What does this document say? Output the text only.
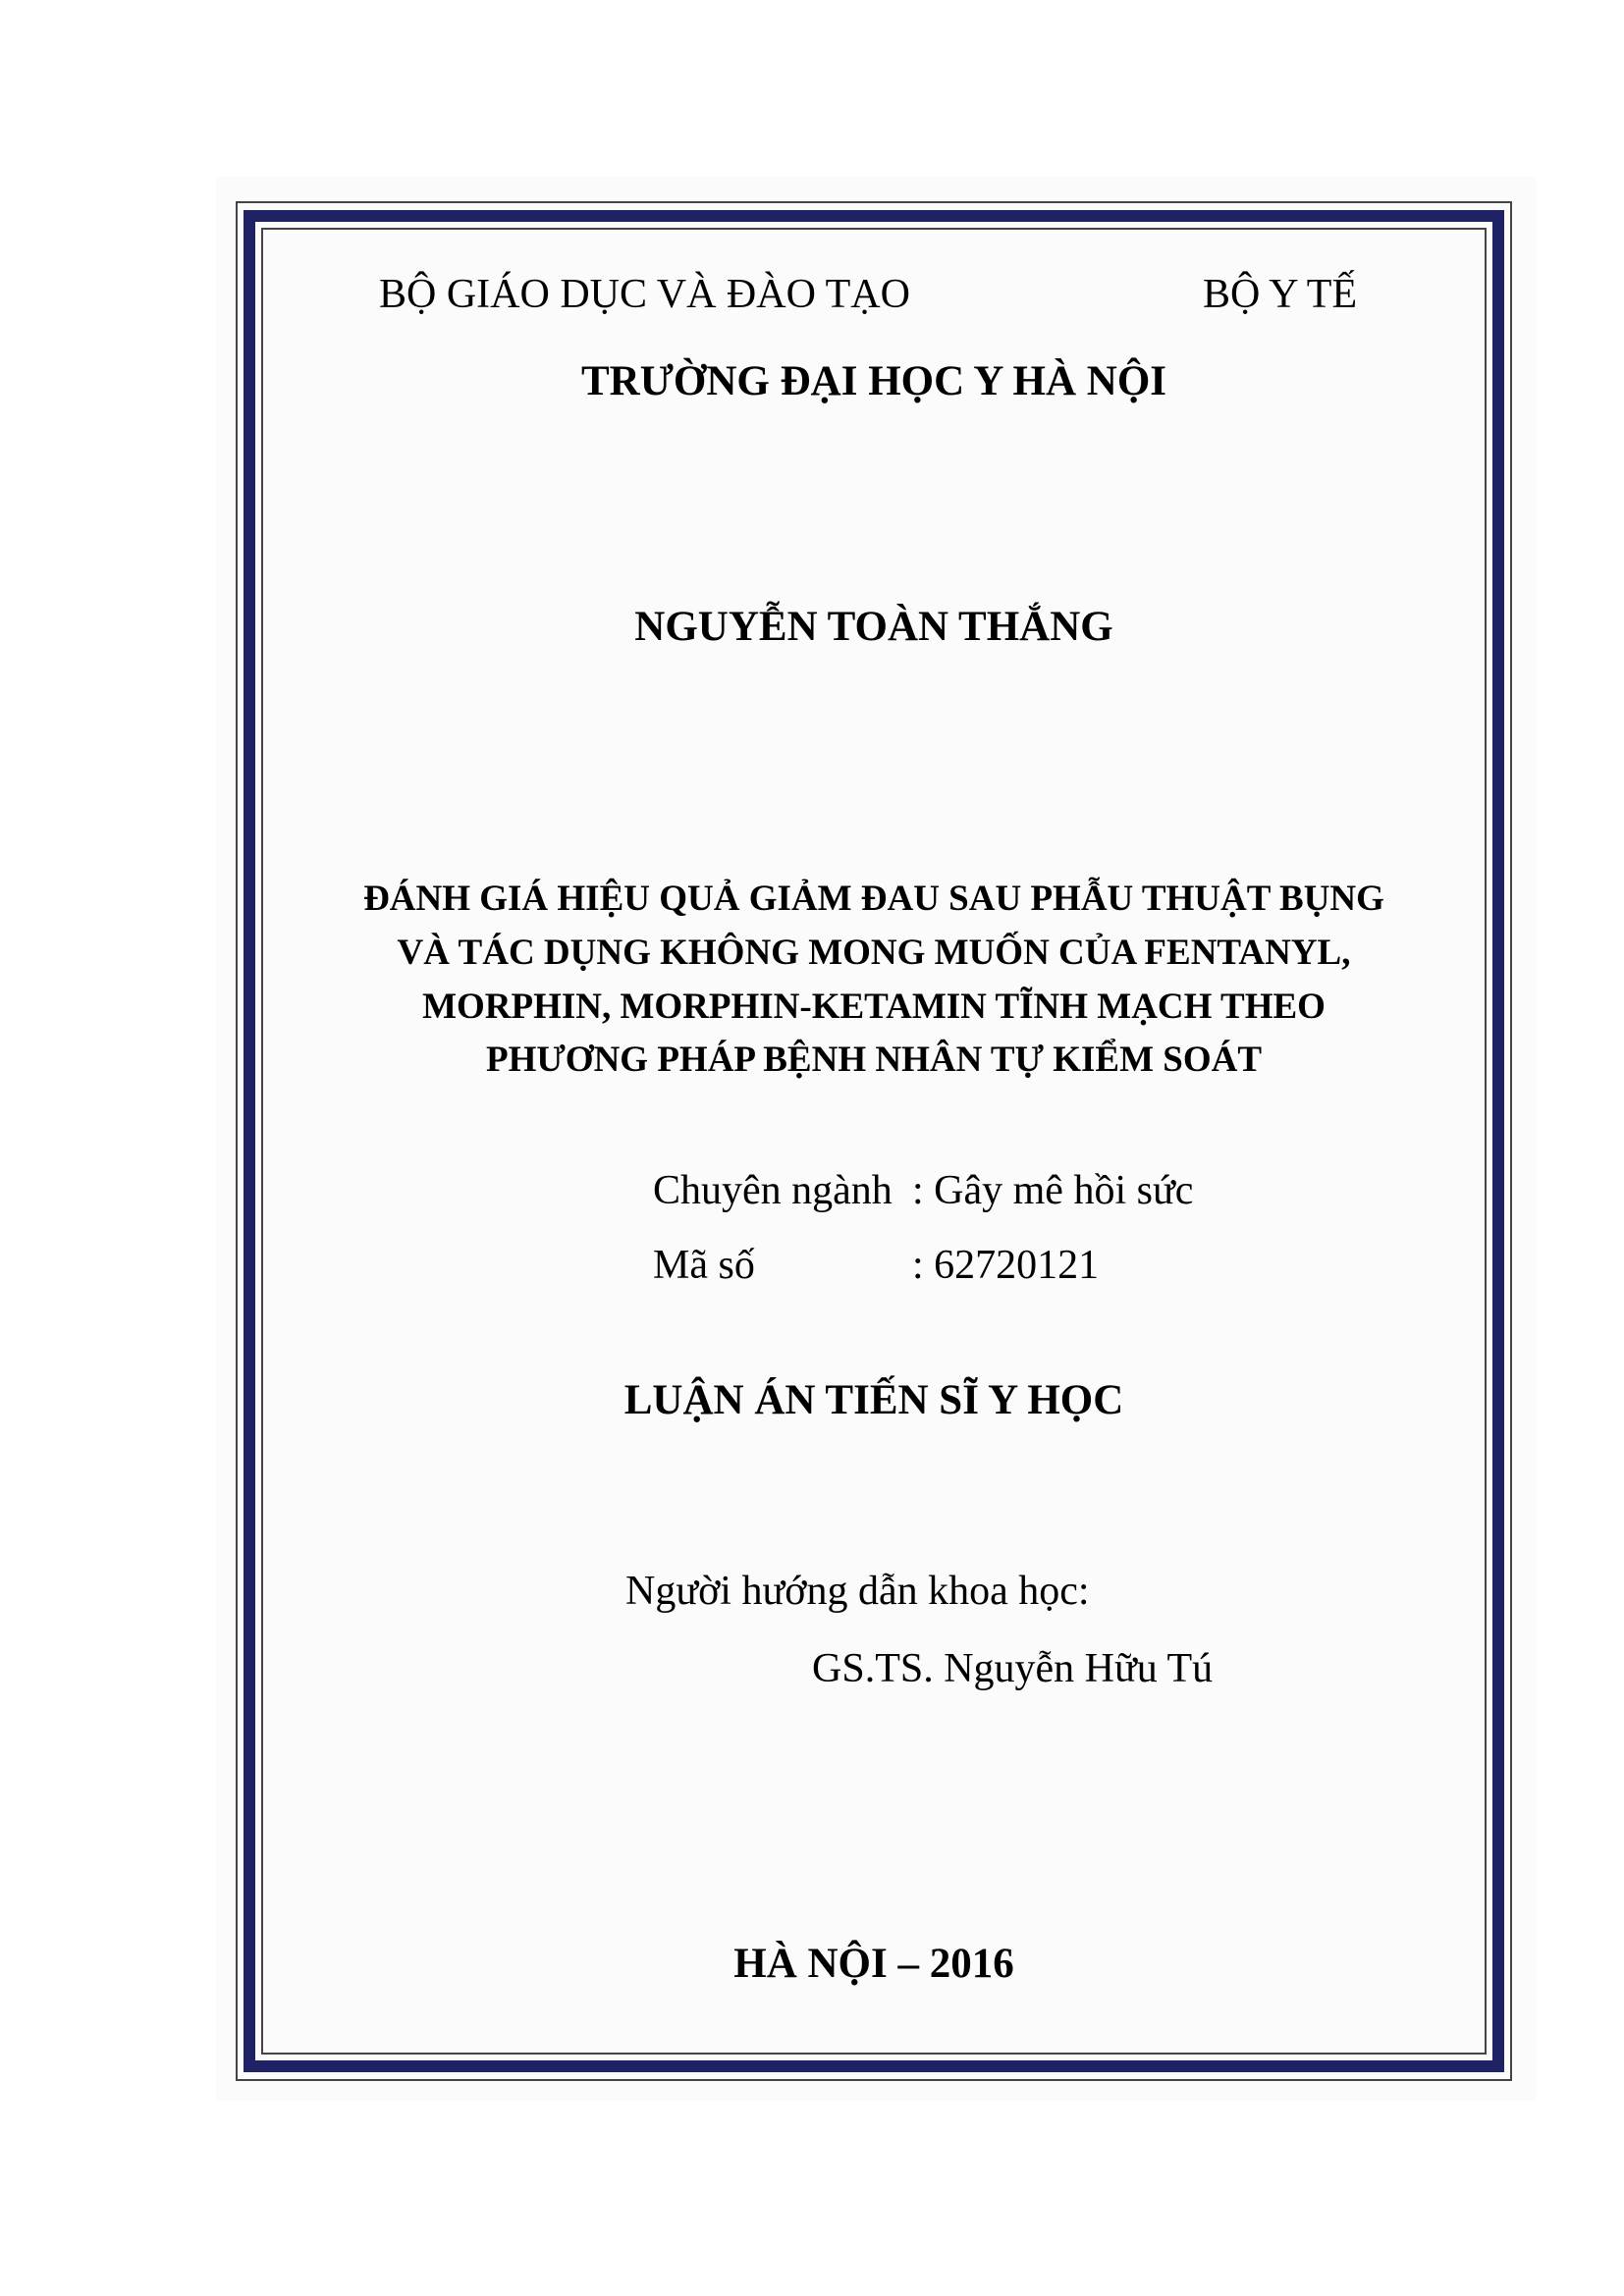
BỘ GIÁO DỤC VÀ ĐÀO TẠO	BỘ Y TẾ
TRƯỜNG ĐẠI HỌC Y HÀ NỘI
NGUYỄN TOÀN THẮNG
ĐÁNH GIÁ HIỆU QUẢ GIẢM ĐAU SAU PHẪU THUẬT BỤNG
VÀ TÁC DỤNG KHÔNG MONG MUỐN CỦA FENTANYL,
MORPHIN, MORPHIN-KETAMIN TĨNH MẠCH THEO
PHƯƠNG PHÁP BỆNH NHÂN TỰ KIỂM SOÁT
Chuyên ngành : Gây mê hồi sức
Mã số	: 62720121
LUẬN ÁN TIẾN SĨ Y HỌC
Người hướng dẫn khoa học:
GS.TS. Nguyễn Hữu Tú
HÀ NỘI – 2016
